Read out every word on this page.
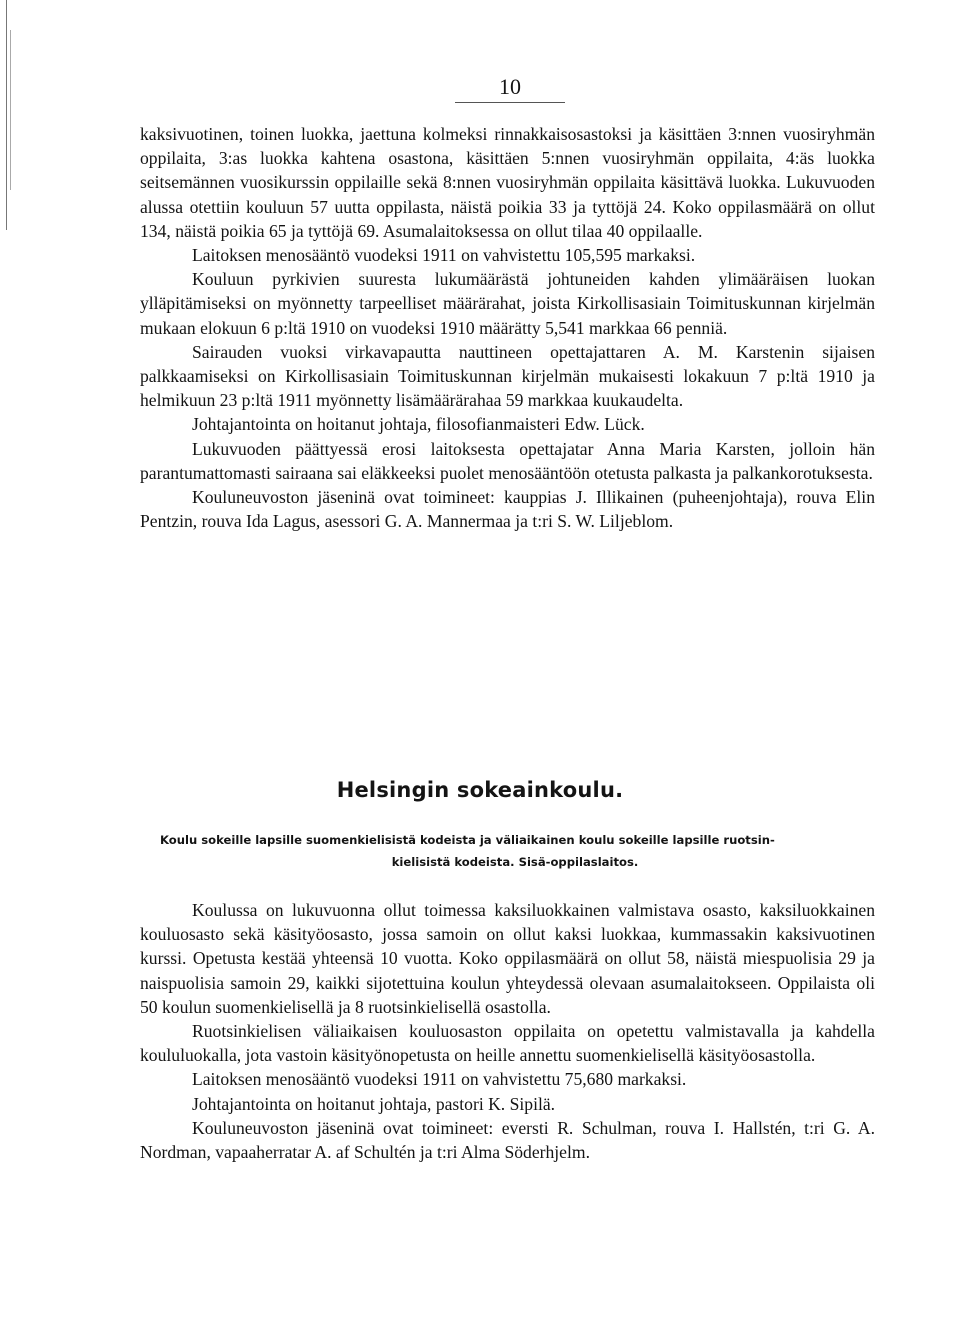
10

kaksivuotinen, toinen luokka, jaettuna kolmeksi rinnakkaisosastoksi ja käsittäen 3:nnen vuosiryhmän oppilaita, 3:as luokka kahtena osastona, käsittäen 5:nnen vuosiryhmän oppilaita, 4:äs luokka seitsemännen vuosikurssin oppilaille sekä 8:nnen vuosiryhmän oppilaita käsittävä luokka. Lukuvuoden alussa otettiin kouluun 57 uutta oppilasta, näistä poikia 33 ja tyttöjä 24. Koko oppilasmäärä on ollut 134, näistä poikia 65 ja tyttöjä 69. Asumalaitoksessa on ollut tilaa 40 oppilaalle.

Laitoksen menosääntö vuodeksi 1911 on vahvistettu 105,595 markaksi.

Kouluun pyrkivien suuresta lukumäärästä johtuneiden kahden ylimääräisen luokan ylläpitämiseksi on myönnetty tarpeelliset määrärahat, joista Kirkollisasiain Toimituskunnan kirjelmän mukaan elokuun 6 p:ltä 1910 on vuodeksi 1910 määrätty 5,541 markkaa 66 penniä.

Sairauden vuoksi virkavapautta nauttineen opettajattaren A. M. Karstenin sijaisen palkkaamiseksi on Kirkollisasiain Toimituskunnan kirjelmän mukaisesti lokakuun 7 p:ltä 1910 ja helmikuun 23 p:ltä 1911 myönnetty lisämäärärahaa 59 markkaa kuukaudelta.

Johtajantointa on hoitanut johtaja, filosofianmaisteri Edw. Lück.

Lukuvuoden päättyessä erosi laitoksesta opettajatar Anna Maria Karsten, jolloin hän parantumattomasti sairaana sai eläkkeeksi puolet menosääntöön otetusta palkasta ja palkankorotuksesta.

Kouluneuvoston jäseninä ovat toimineet: kauppias J. Illikainen (puheenjohtaja), rouva Elin Pentzin, rouva Ida Lagus, asessori G. A. Mannermaa ja t:ri S. W. Liljeblom.

Helsingin sokeainkoulu.
Koulu sokeille lapsille suomenkielisistä kodeista ja väliaikainen koulu sokeille lapsille ruotsin-
kielisistä kodeista. Sisä-oppilaslaitos.

Koulussa on lukuvuonna ollut toimessa kaksiluokkainen valmistava osasto, kaksiluokkainen kouluosasto sekä käsityöosasto, jossa samoin on ollut kaksi luokkaa, kummassakin kaksivuotinen kurssi. Opetusta kestää yhteensä 10 vuotta. Koko oppilasmäärä on ollut 58, näistä miespuolisia 29 ja naispuolisia samoin 29, kaikki sijotettuina koulun yhteydessä olevaan asumalaitokseen. Oppilaista oli 50 koulun suomenkielisellä ja 8 ruotsinkielisellä osastolla.

Ruotsinkielisen väliaikaisen kouluosaston oppilaita on opetettu valmistavalla ja kahdella koululuokalla, jota vastoin käsityönopetusta on heille annettu suomenkielisellä käsityöosastolla.

Laitoksen menosääntö vuodeksi 1911 on vahvistettu 75,680 markaksi.

Johtajantointa on hoitanut johtaja, pastori K. Sipilä.

Kouluneuvoston jäseninä ovat toimineet: eversti R. Schulman, rouva I. Hallstén, t:ri G. A. Nordman, vapaaherratar A. af Schultén ja t:ri Alma Söderhjelm.
